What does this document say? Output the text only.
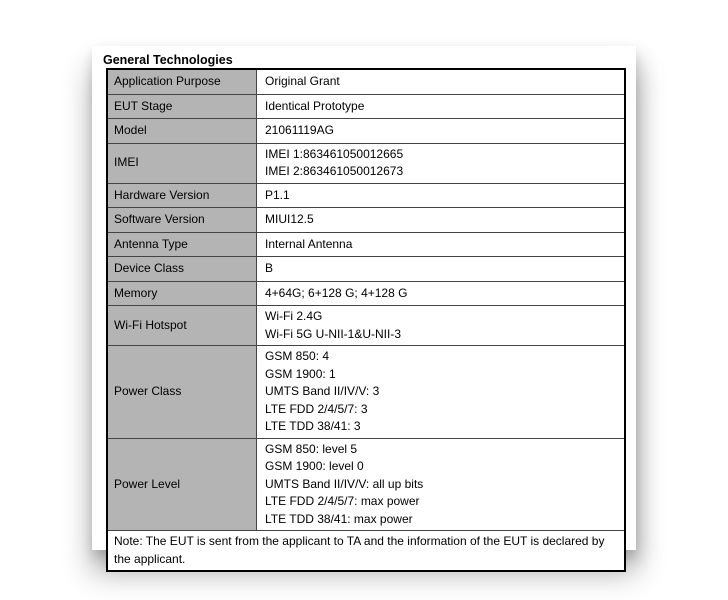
General Technologies
Application Purpose	Original Grant

EUT Stage	Identical Prototype

Model	21061119AG

IMEI	IMEI 1:863461050012665
IMEI 2:863461050012673

Hardware Version	P1.1

Software Version	MIUI12.5

Antenna Type	Internal Antenna

Device Class	B

Memory	4+64G; 6+128 G; 4+128 G

Wi-Fi Hotspot	Wi-Fi 2.4G
Wi-Fi 5G U-NII-1&U-NII-3

Power Class	GSM 850: 4
GSM 1900: 1
UMTS Band II/IV/V: 3
LTE FDD 2/4/5/7: 3
LTE TDD 38/41: 3

Power Level	GSM 850: level 5
GSM 1900: level 0
UMTS Band II/IV/V: all up bits
LTE FDD 2/4/5/7: max power
LTE TDD 38/41: max power

Note: The EUT is sent from the applicant to TA and the information of the EUT is declared by the applicant.	
